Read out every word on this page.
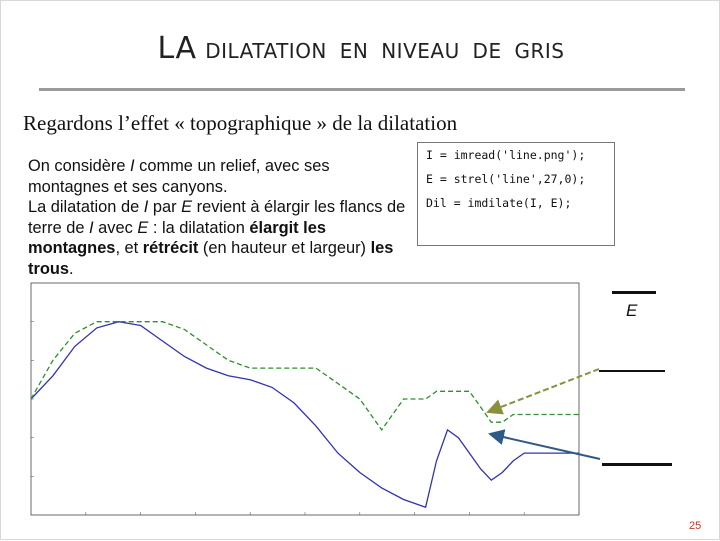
LA DILATATION EN NIVEAU DE GRIS
Regardons l’effet « topographique » de la dilatation

On considère I comme un relief, avec ses montagnes et ses canyons.

La dilatation de I par E revient à élargir les flancs de terre de I avec E : la dilatation élargit les montagnes, et rétrécit (en hauteur et largeur) les trous.

I = imread('line.png');
E = strel('line',27,0);
Dil = imdilate(I, E);
E
25
